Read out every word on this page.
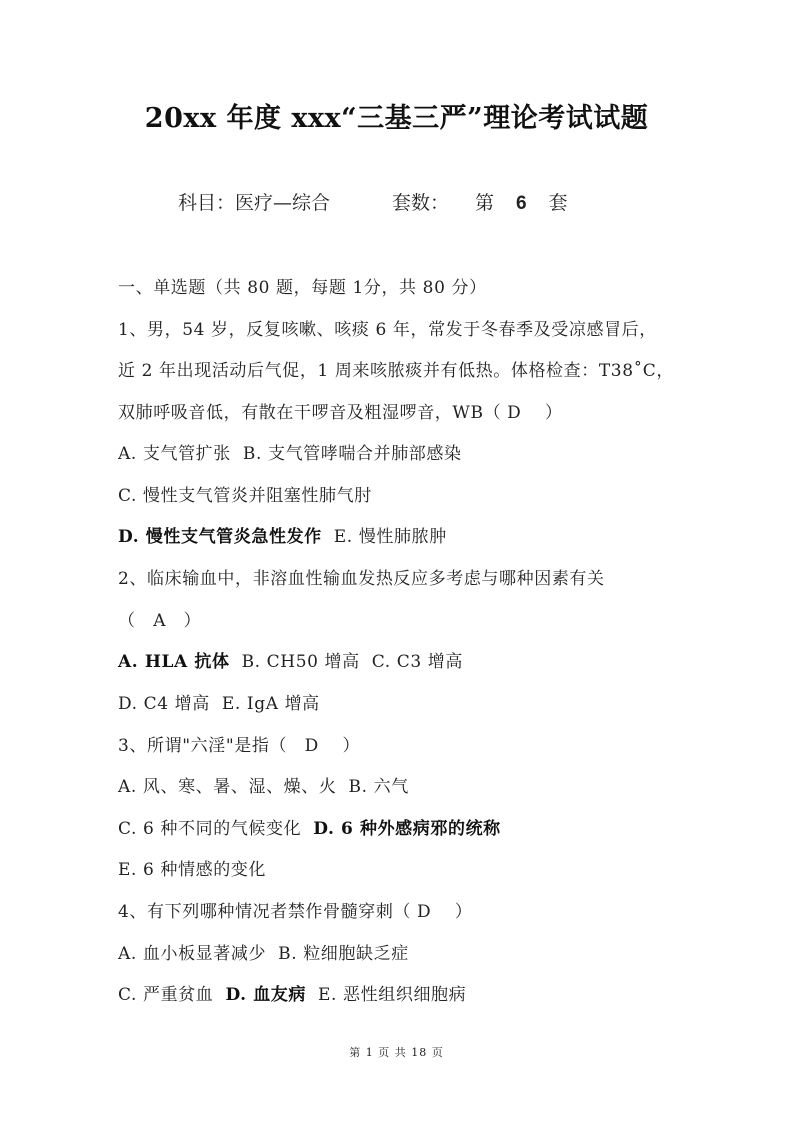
20xx 年度 xxx“三基三严”理论考试试题
科目：医疗—综合	套数： 第 6 套
一、单选题（共 80 题，每题 1分，共 80 分）
1、男，54 岁，反复咳嗽、咳痰 6 年，常发于冬春季及受凉感冒后，
近 2 年出现活动后气促，1 周来咳脓痰并有低热。体格检查：T38˚C，
双肺呼吸音低，有散在干啰音及粗湿啰音，WB（ D　 ）
A. 支气管扩张 B. 支气管哮喘合并肺部感染
C. 慢性支气管炎并阻塞性肺气肘
D. 慢性支气管炎急性发作 E. 慢性肺脓肿
2、临床输血中，非溶血性输血发热反应多考虑与哪种因素有关
（　A　）
A. HLA 抗体 B. CH50 增高 C. C3 增高
D. C4 增高 E. IgA 增高
3、所谓"六淫"是指（　D　 ）
A. 风、寒、暑、湿、燥、火 B. 六气
C. 6 种不同的气候变化 D. 6 种外感病邪的统称
E. 6 种情感的变化
4、有下列哪种情况者禁作骨髓穿刺（ D　 ）
A. 血小板显著减少 B. 粒细胞缺乏症
C. 严重贫血 D. 血友病 E. 恶性组织细胞病
第 1 页 共 18 页
